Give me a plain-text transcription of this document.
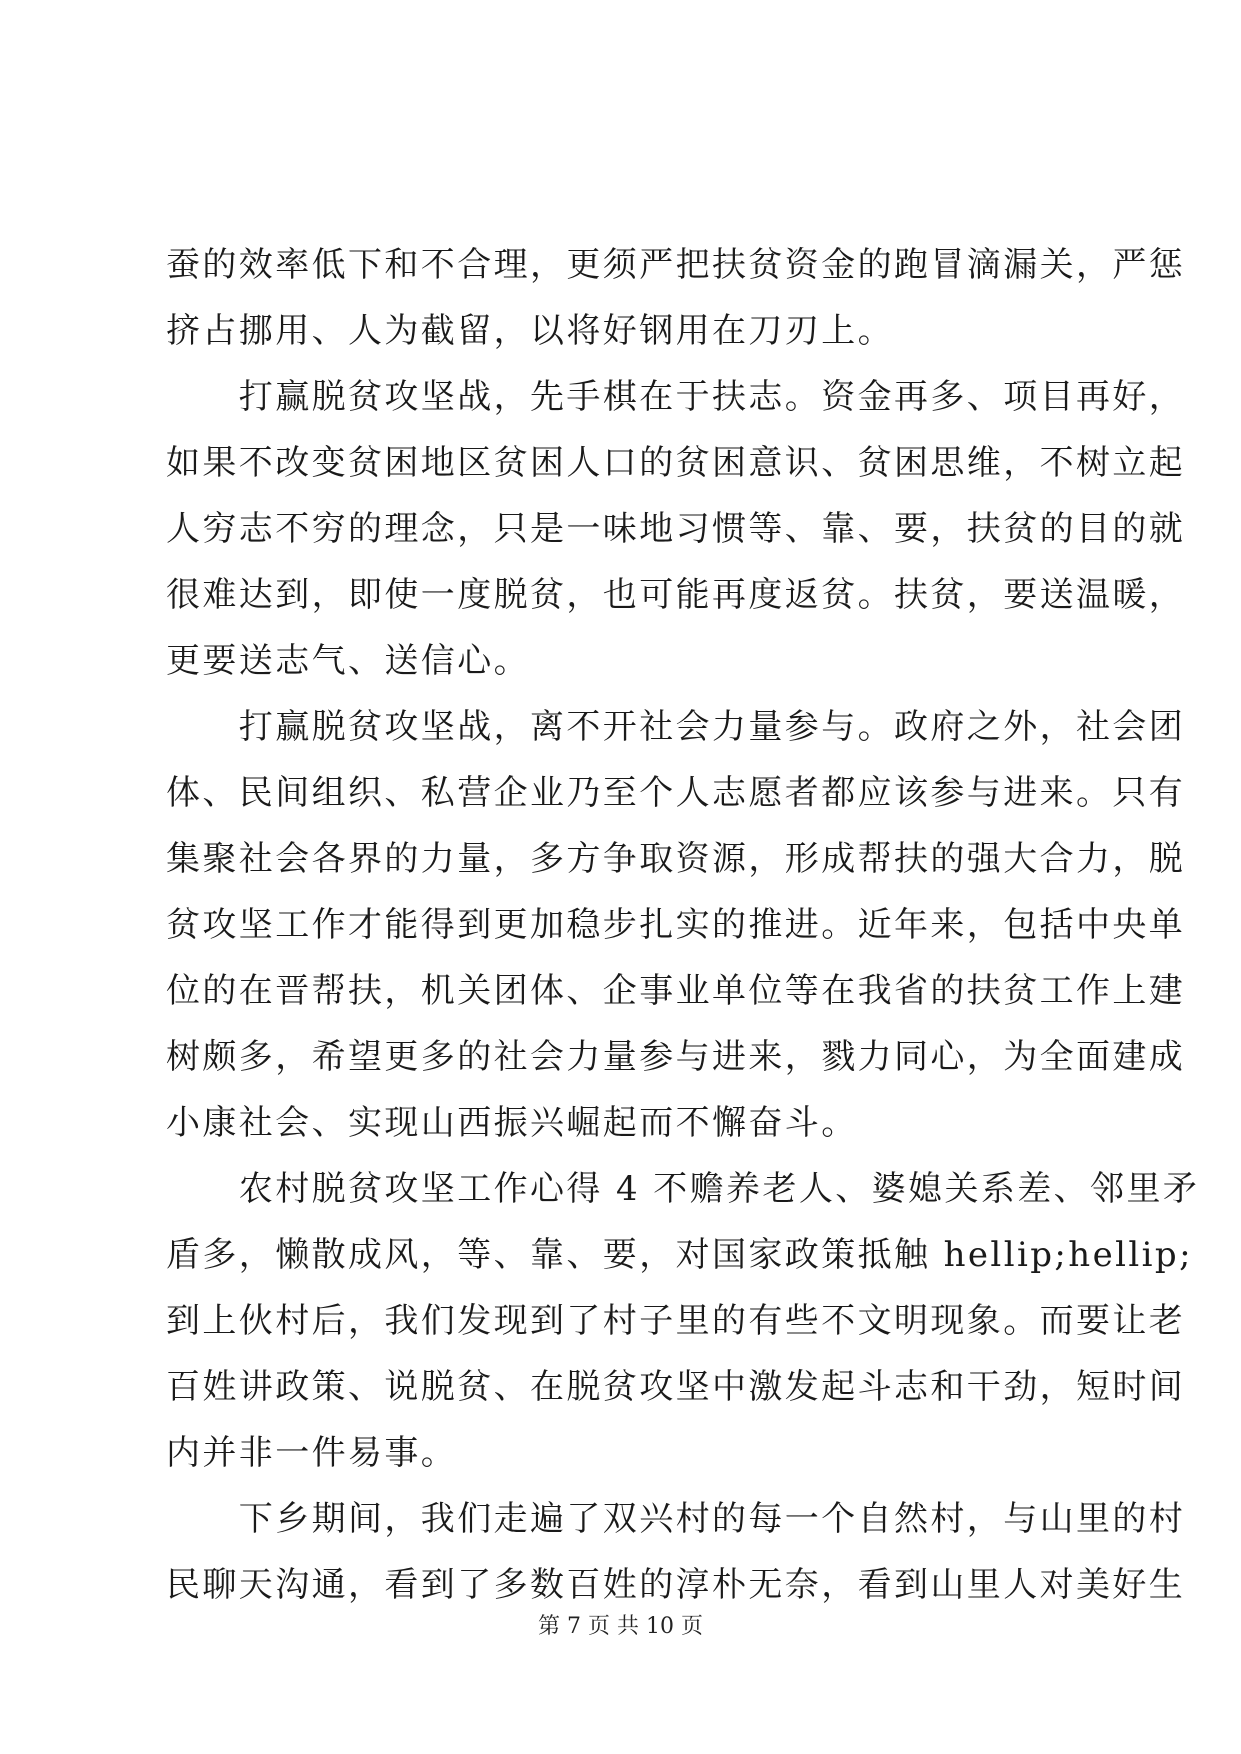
蚕的效率低下和不合理，更须严把扶贫资金的跑冒滴漏关，严惩
挤占挪用、人为截留，以将好钢用在刀刃上。
　　打赢脱贫攻坚战，先手棋在于扶志。资金再多、项目再好，
如果不改变贫困地区贫困人口的贫困意识、贫困思维，不树立起
人穷志不穷的理念，只是一味地习惯等、靠、要，扶贫的目的就
很难达到，即使一度脱贫，也可能再度返贫。扶贫，要送温暖，
更要送志气、送信心。
　　打赢脱贫攻坚战，离不开社会力量参与。政府之外，社会团
体、民间组织、私营企业乃至个人志愿者都应该参与进来。只有
集聚社会各界的力量，多方争取资源，形成帮扶的强大合力，脱
贫攻坚工作才能得到更加稳步扎实的推进。近年来，包括中央单
位的在晋帮扶，机关团体、企事业单位等在我省的扶贫工作上建
树颇多，希望更多的社会力量参与进来，戮力同心，为全面建成
小康社会、实现山西振兴崛起而不懈奋斗。
　　农村脱贫攻坚工作心得 4 不赡养老人、婆媳关系差、邻里矛
盾多，懒散成风，等、靠、要，对国家政策抵触 hellip;hellip;
到上伙村后，我们发现到了村子里的有些不文明现象。而要让老
百姓讲政策、说脱贫、在脱贫攻坚中激发起斗志和干劲，短时间
内并非一件易事。
　　下乡期间，我们走遍了双兴村的每一个自然村，与山里的村
民聊天沟通，看到了多数百姓的淳朴无奈，看到山里人对美好生
第 7 页 共 10 页
